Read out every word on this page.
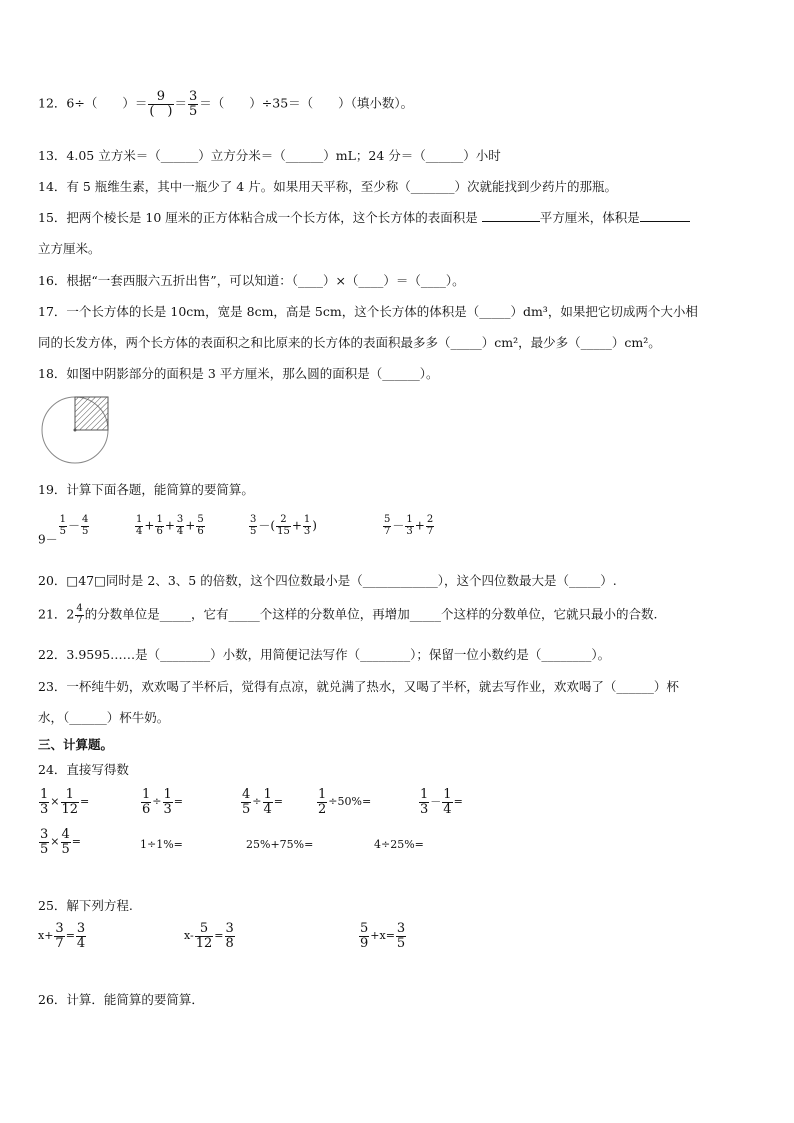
12．6÷（　　）＝ 9
(　)
＝ $\frac{3}{5}$ ＝（　　）÷35＝（　　）（填小数）。
13．4.05 立方米＝（______）立方分米＝（______）mL；24 分＝（______）小时
14．有 5 瓶维生素，其中一瓶少了 4 片。如果用天平称，至少称（_______）次就能找到少药片的那瓶。
15．把两个棱长是 10 厘米的正方体粘合成一个长方体，这个长方体的表面积是	平方厘米，体积是
立方厘米。
16．根据“一套西服六五折出售”，可以知道：（____）×（____）＝（____）。
17．一个长方体的长是 10cm，宽是 8cm，高是 5cm，这个长方体的体积是（_____）dm³，如果把它切成两个大小相
同的长发方体，两个长方体的表面积之和比原来的长方体的表面积最多多（_____）cm²，最少多（_____）cm²。
18．如图中阴影部分的面积是 3 平方厘米，那么圆的面积是（______）。
19．计算下面各题，能简算的要简算。
9－
$\frac{1}{5} - \frac{4}{5}$	$\frac{1}{4} + \frac{1}{6} + \frac{3}{4} + \frac{5}{6}$	$\frac{3}{5}$ －( $\frac{2}{15} + \frac{1}{3}$ )	$\frac{5}{7} - \frac{1}{3} + \frac{2}{7}$
20．□47□同时是 2、3、5 的倍数，这个四位数最小是（____________），这个四位数最大是（_____）.
21．$2 \frac{4}{7}$ 的分数单位是_____，它有_____个这样的分数单位，再增加_____个这样的分数单位，它就只最小的合数.
22．3.9595……是（________）小数，用简便记法写作（________）；保留一位小数约是（________）。
23．一杯纯牛奶，欢欢喝了半杯后，觉得有点凉，就兑满了热水，又喝了半杯，就去写作业，欢欢喝了（______）杯
水，（______）杯牛奶。
三、计算题。
24．直接写得数
$\frac{1}{3} \times \frac{1}{12}$ =	$\frac{1}{6} \div \frac{1}{3}$ =	$\frac{4}{5} \div \frac{1}{4}$ =	$\frac{1}{2} \div 50\%=$	$\frac{1}{3} - \frac{1}{4}$ =
$\frac{3}{5} \times \frac{4}{5}$ =	1÷1%=	25%+75%=	4÷25%=
25．解下列方程.
$x+ \frac{3}{7} = \frac{3}{4}$	$x- \frac{5}{12} = \frac{3}{8}$	$\frac{5}{9} +x= \frac{3}{5}$
26．计算．能简算的要简算．
